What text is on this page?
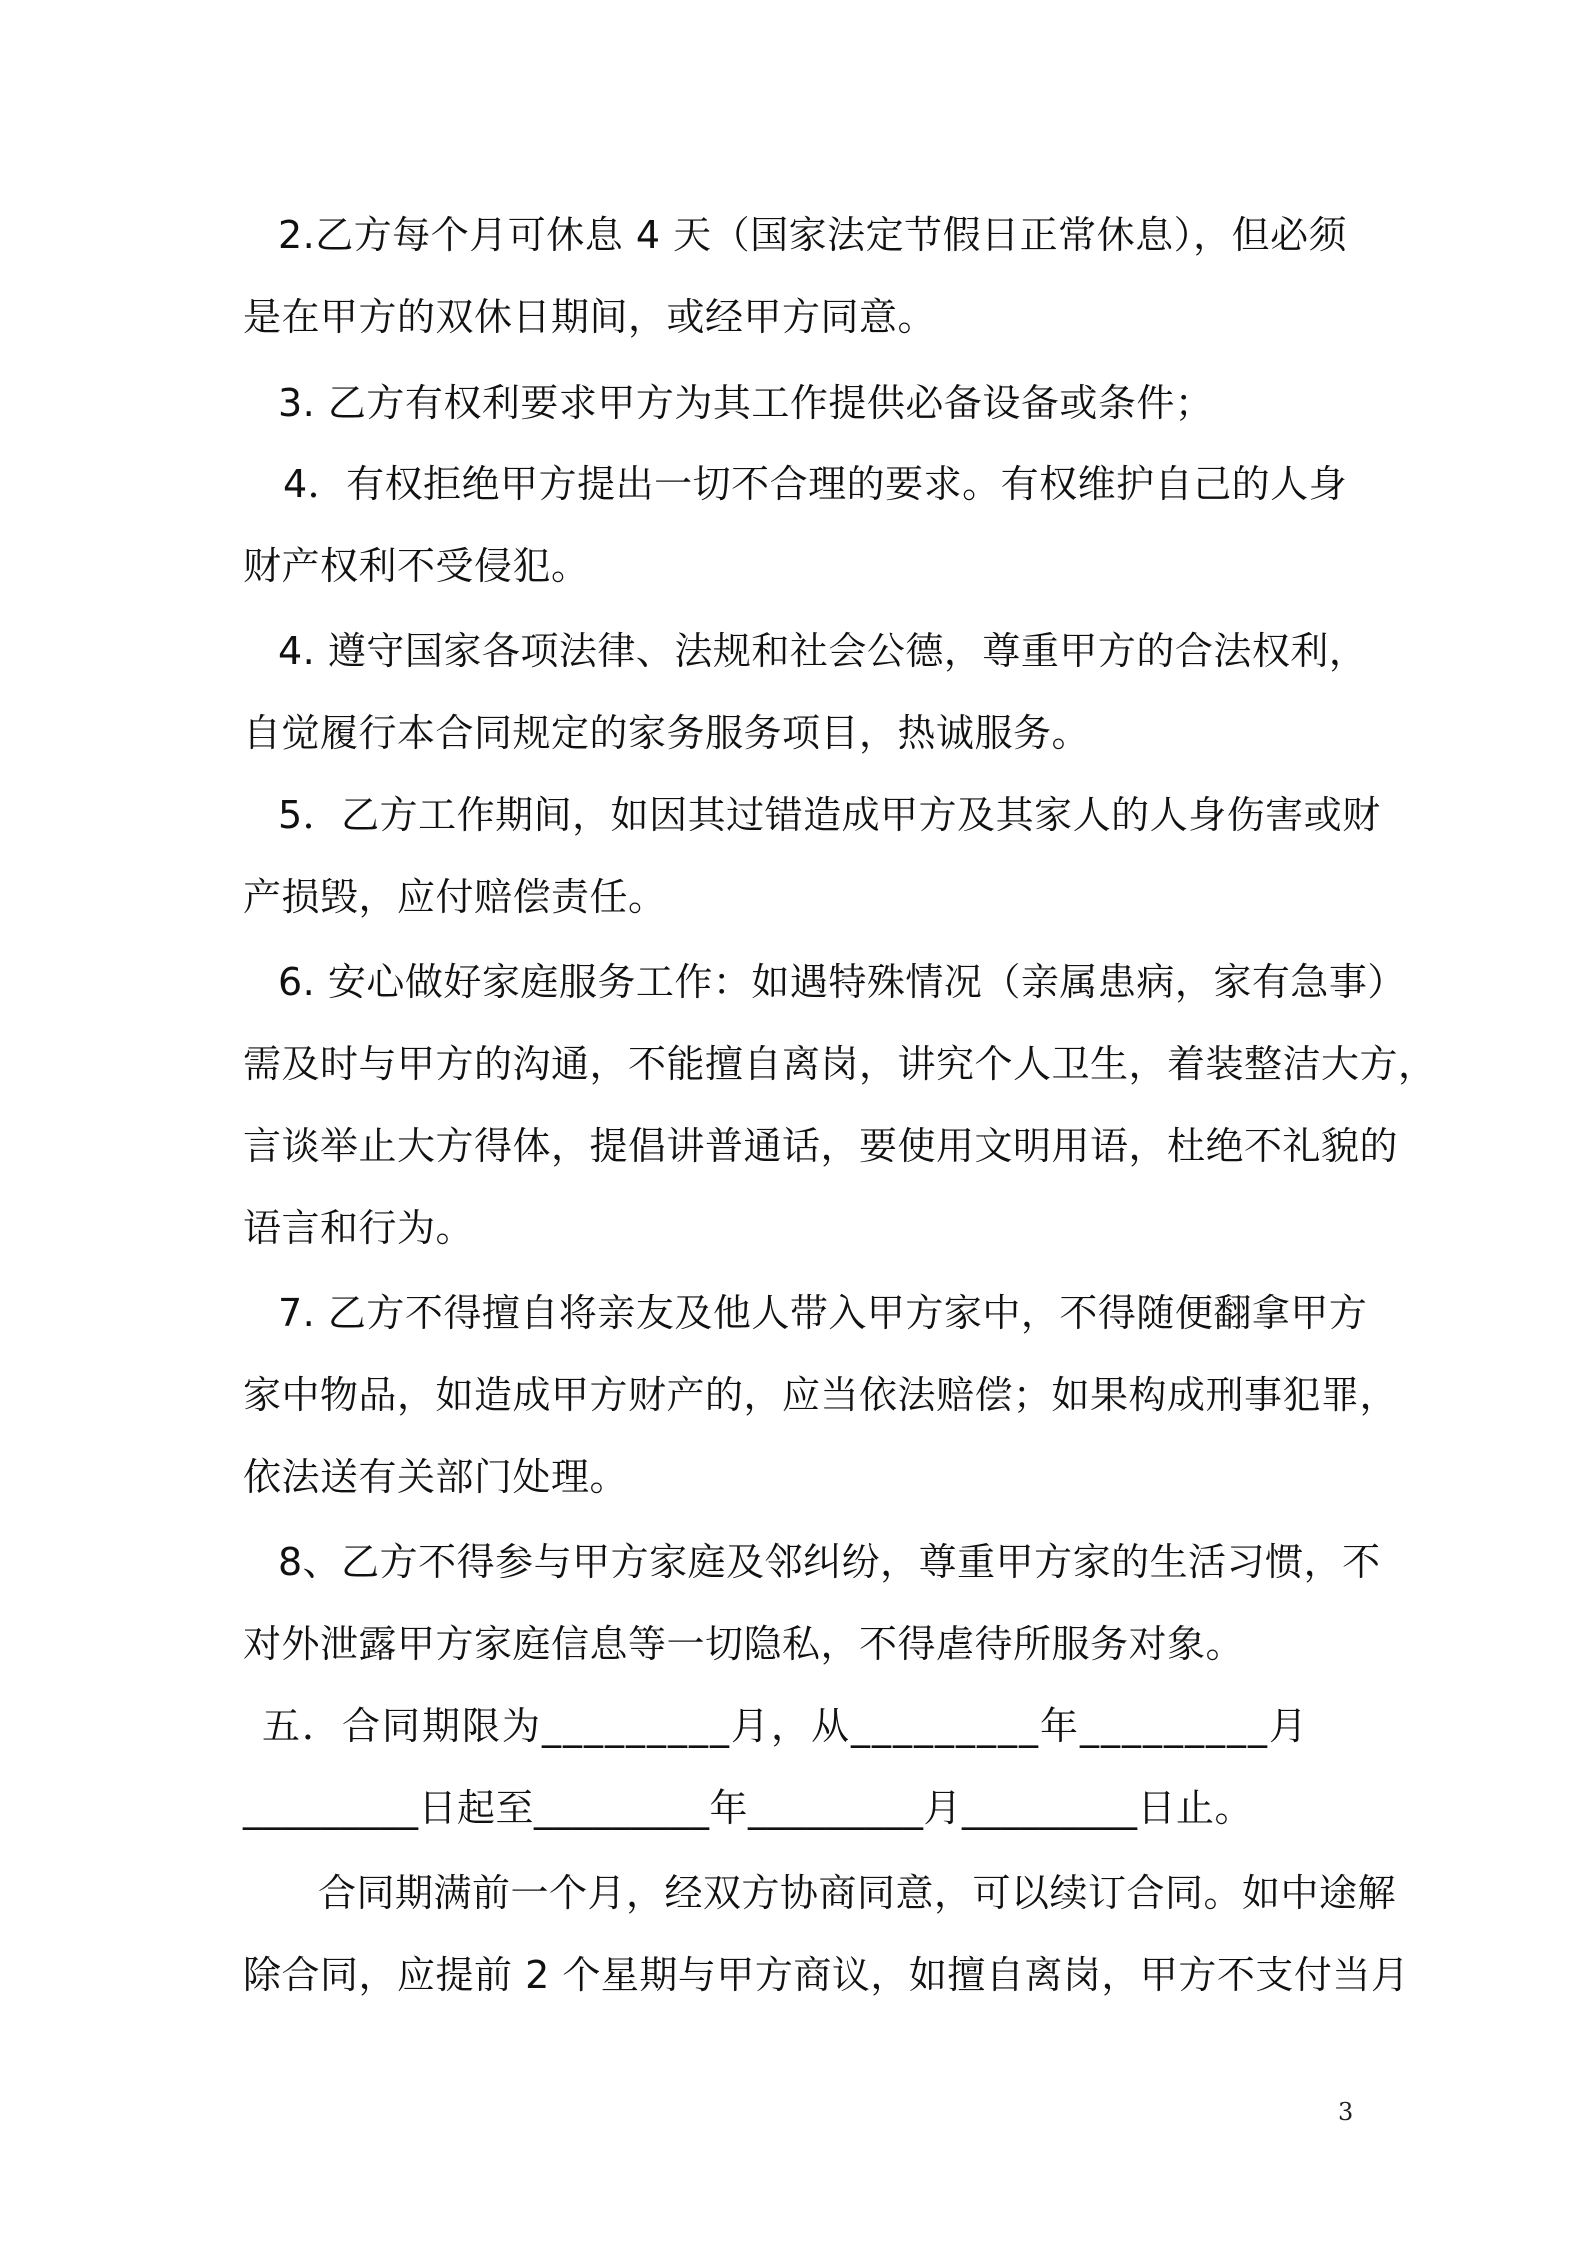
2.乙方每个月可休息 4 天（国家法定节假日正常休息），但必须
是在甲方的双休日期间，或经甲方同意。
3. 乙方有权利要求甲方为其工作提供必备设备或条件；
4．有权拒绝甲方提出一切不合理的要求。有权维护自己的人身
财产权利不受侵犯。
4. 遵守国家各项法律、法规和社会公德，尊重甲方的合法权利，
自觉履行本合同规定的家务服务项目，热诚服务。
5．乙方工作期间，如因其过错造成甲方及其家人的人身伤害或财
产损毁，应付赔偿责任。
6. 安心做好家庭服务工作：如遇特殊情况（亲属患病，家有急事）
需及时与甲方的沟通，不能擅自离岗，讲究个人卫生，着装整洁大方，
言谈举止大方得体，提倡讲普通话，要使用文明用语，杜绝不礼貌的
语言和行为。
7. 乙方不得擅自将亲友及他人带入甲方家中，不得随便翻拿甲方
家中物品，如造成甲方财产的，应当依法赔偿；如果构成刑事犯罪，
依法送有关部门处理。
8、乙方不得参与甲方家庭及邻纠纷，尊重甲方家的生活习惯，不
对外泄露甲方家庭信息等一切隐私，不得虐待所服务对象。
五．合同期限为_________月，从_________年_________月
_________日起至_________年_________月_________日止。
合同期满前一个月，经双方协商同意，可以续订合同。如中途解
除合同，应提前 2 个星期与甲方商议，如擅自离岗，甲方不支付当月
3
